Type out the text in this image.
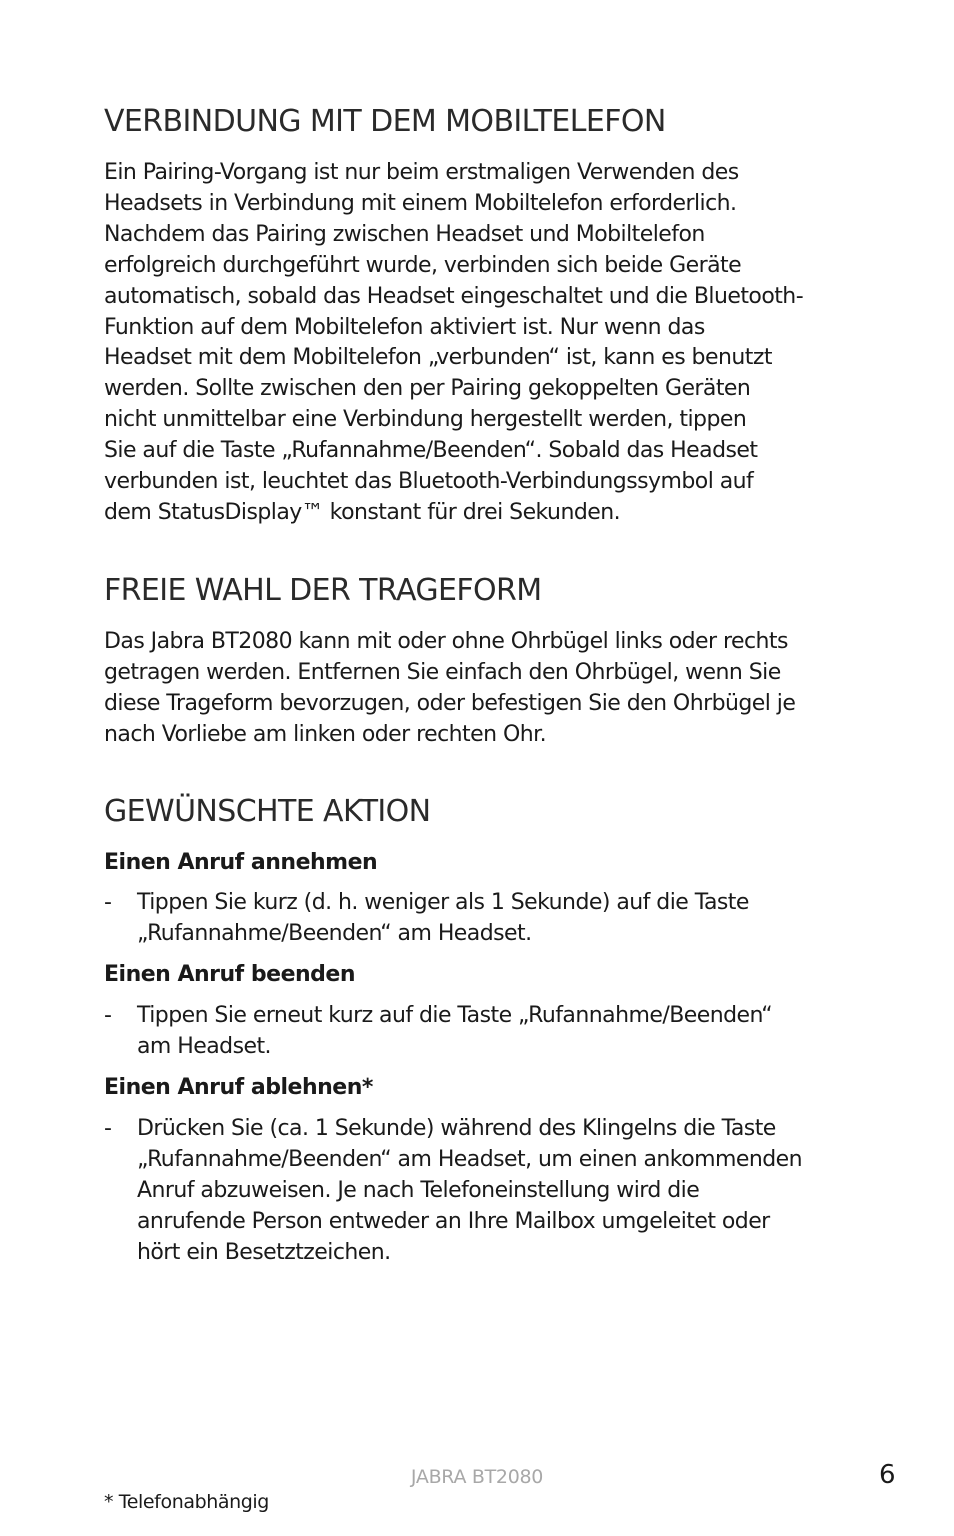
VERBINDUNG MIT DEM MOBILTELEFON

Ein Pairing-Vorgang ist nur beim erstmaligen Verwenden des
Headsets in Verbindung mit einem Mobiltelefon erforderlich.
Nachdem das Pairing zwischen Headset und Mobiltelefon
erfolgreich durchgeführt wurde, verbinden sich beide Geräte
automatisch, sobald das Headset eingeschaltet und die Bluetooth-
Funktion auf dem Mobiltelefon aktiviert ist. Nur wenn das
Headset mit dem Mobiltelefon „verbunden“ ist, kann es benutzt
werden. Sollte zwischen den per Pairing gekoppelten Geräten
nicht unmittelbar eine Verbindung hergestellt werden, tippen
Sie auf die Taste „Rufannahme/Beenden“. Sobald das Headset
verbunden ist, leuchtet das Bluetooth-Verbindungssymbol auf
dem StatusDisplay™ konstant für drei Sekunden.

FREIE WAHL DER TRAGEFORM

Das Jabra BT2080 kann mit oder ohne Ohrbügel links oder rechts
getragen werden. Entfernen Sie einfach den Ohrbügel, wenn Sie
diese Trageform bevorzugen, oder befestigen Sie den Ohrbügel je
nach Vorliebe am linken oder rechten Ohr.

GEWÜNSCHTE AKTION
Einen Anruf annehmen
- Tippen Sie kurz (d. h. weniger als 1 Sekunde) auf die Taste
„Rufannahme/Beenden“ am Headset.
Einen Anruf beenden
- Tippen Sie erneut kurz auf die Taste „Rufannahme/Beenden“
am Headset.
Einen Anruf ablehnen*
- Drücken Sie (ca. 1 Sekunde) während des Klingelns die Taste
„Rufannahme/Beenden“ am Headset, um einen ankommenden
Anruf abzuweisen. Je nach Telefoneinstellung wird die
anrufende Person entweder an Ihre Mailbox umgeleitet oder
hört ein Besetztzeichen.
JABRA BT2080	6
* Telefonabhängig
